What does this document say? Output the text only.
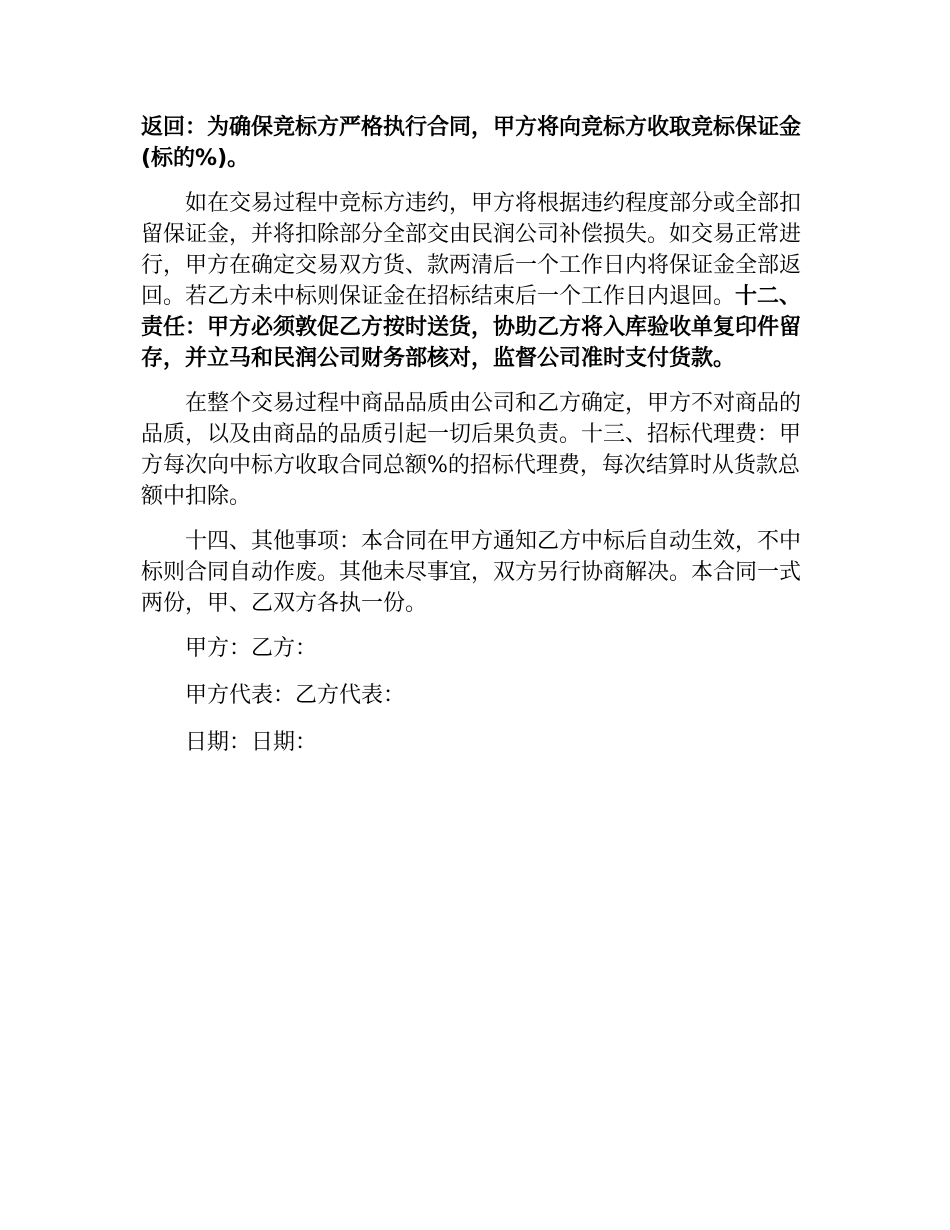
返回：为确保竞标方严格执行合同，甲方将向竞标方收取竞标保证金(标的%)。

如在交易过程中竞标方违约，甲方将根据违约程度部分或全部扣留保证金，并将扣除部分全部交由民润公司补偿损失。如交易正常进行，甲方在确定交易双方货、款两清后一个工作日内将保证金全部返回。若乙方未中标则保证金在招标结束后一个工作日内退回。十二、责任：甲方必须敦促乙方按时送货，协助乙方将入库验收单复印件留存，并立马和民润公司财务部核对，监督公司准时支付货款。

在整个交易过程中商品品质由公司和乙方确定，甲方不对商品的品质，以及由商品的品质引起一切后果负责。十三、招标代理费：甲方每次向中标方收取合同总额%的招标代理费，每次结算时从货款总额中扣除。

十四、其他事项：本合同在甲方通知乙方中标后自动生效，不中标则合同自动作废。其他未尽事宜，双方另行协商解决。本合同一式两份，甲、乙双方各执一份。

甲方：乙方：

甲方代表：乙方代表：

日期：日期：
